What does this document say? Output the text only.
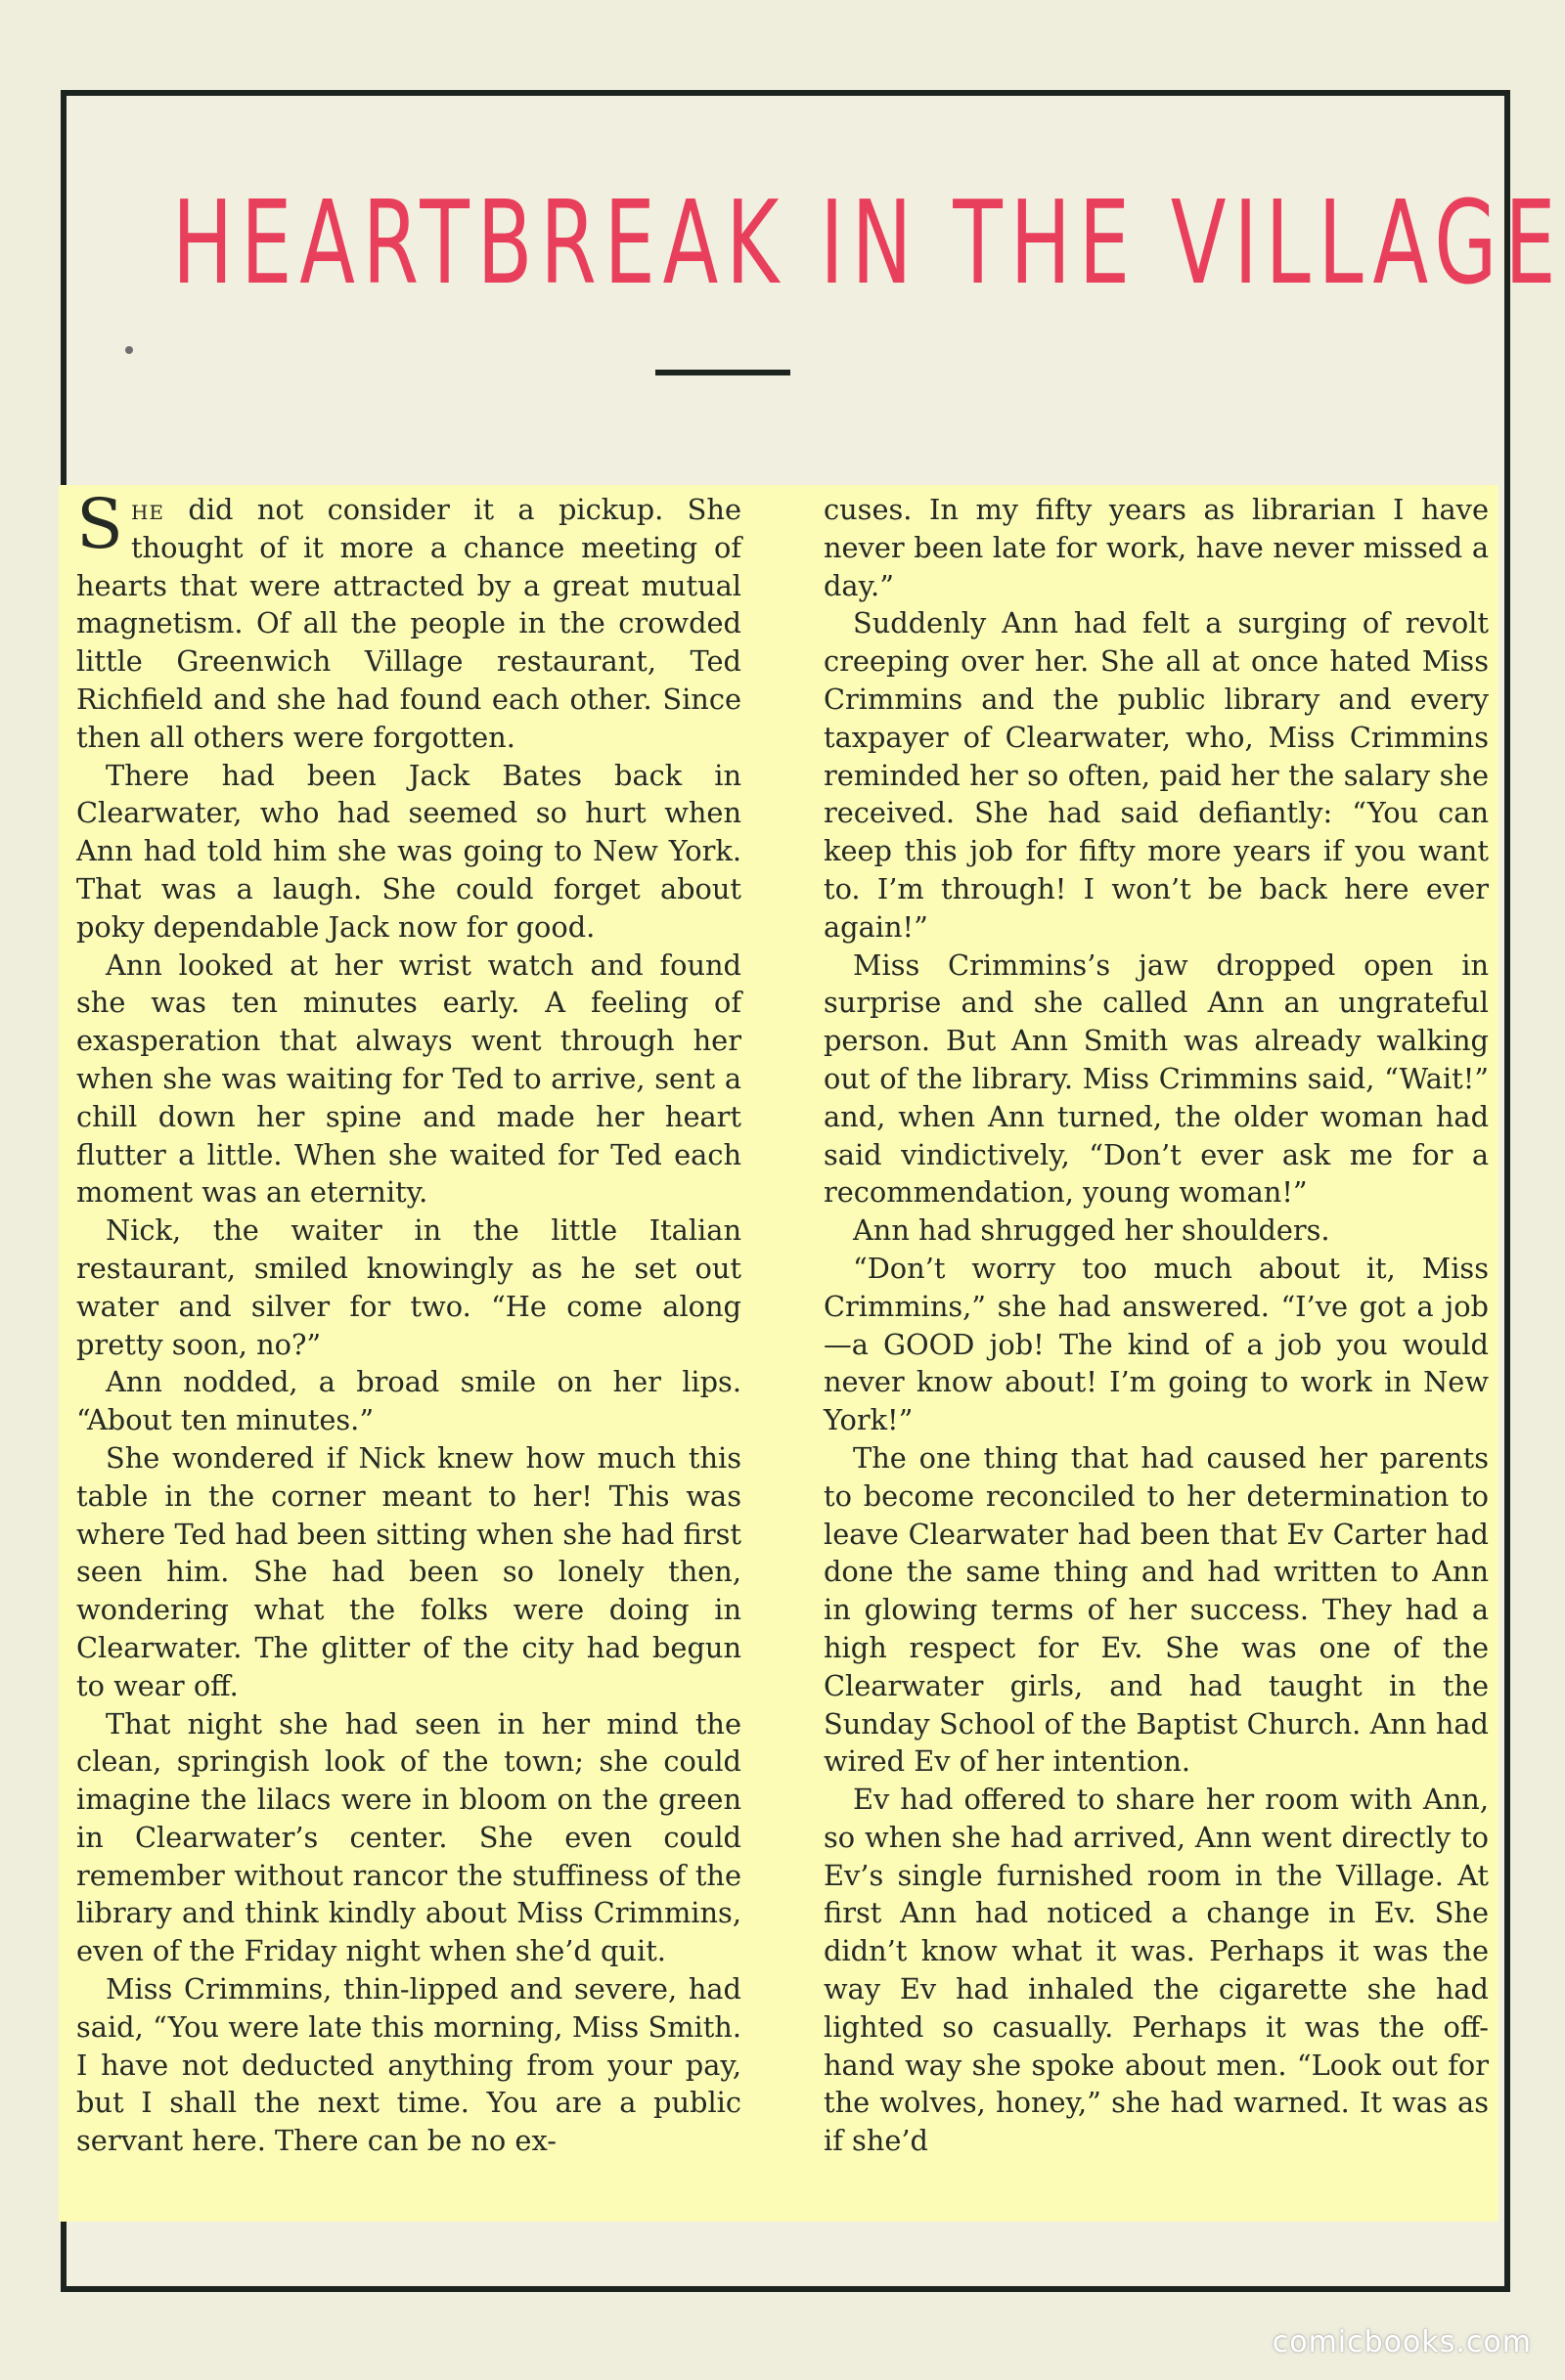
HEARTBREAK IN THE VILLAGE

She did not consider it a pickup. She thought of it more a chance meeting of hearts that were attracted by a great mutual magnetism. Of all the people in the crowded little Greenwich Village restaurant, Ted Richfield and she had found each other. Since then all others were forgotten.

There had been Jack Bates back in Clearwater, who had seemed so hurt when Ann had told him she was going to New York. That was a laugh. She could forget about poky dependable Jack now for good.

Ann looked at her wrist watch and found she was ten minutes early. A feeling of exasperation that always went through her when she was waiting for Ted to arrive, sent a chill down her spine and made her heart flutter a little. When she waited for Ted each moment was an eternity.

Nick, the waiter in the little Italian restaurant, smiled knowingly as he set out water and silver for two. “He come along pretty soon, no?”

Ann nodded, a broad smile on her lips. “About ten minutes.”

She wondered if Nick knew how much this table in the corner meant to her! This was where Ted had been sitting when she had first seen him. She had been so lonely then, wondering what the folks were doing in Clearwater. The glitter of the city had begun to wear off.

That night she had seen in her mind the clean, springish look of the town; she could imagine the lilacs were in bloom on the green in Clearwater’s center. She even could remember without rancor the stuffiness of the library and think kindly about Miss Crimmins, even of the Friday night when she’d quit.

Miss Crimmins, thin-lipped and severe, had said, “You were late this morning, Miss Smith. I have not deducted anything from your pay, but I shall the next time. You are a public servant here. There can be no ex-

cuses. In my fifty years as librarian I have never been late for work, have never missed a day.”

Suddenly Ann had felt a surging of revolt creeping over her. She all at once hated Miss Crimmins and the public library and every taxpayer of Clearwater, who, Miss Crimmins reminded her so often, paid her the salary she received. She had said defiantly: “You can keep this job for fifty more years if you want to. I’m through! I won’t be back here ever again!”

Miss Crimmins’s jaw dropped open in surprise and she called Ann an ungrateful person. But Ann Smith was already walking out of the library. Miss Crimmins said, “Wait!” and, when Ann turned, the older woman had said vindictively, “Don’t ever ask me for a recommendation, young woman!”

Ann had shrugged her shoulders.

“Don’t worry too much about it, Miss Crimmins,” she had answered. “I’ve got a job—a GOOD job! The kind of a job you would never know about! I’m going to work in New York!”

The one thing that had caused her parents to become reconciled to her determination to leave Clearwater had been that Ev Carter had done the same thing and had written to Ann in glowing terms of her success. They had a high respect for Ev. She was one of the Clearwater girls, and had taught in the Sunday School of the Baptist Church. Ann had wired Ev of her intention.

Ev had offered to share her room with Ann, so when she had arrived, Ann went directly to Ev’s single furnished room in the Village. At first Ann had noticed a change in Ev. She didn’t know what it was. Perhaps it was the way Ev had inhaled the cigarette she had lighted so casually. Perhaps it was the off-hand way she spoke about men. “Look out for the wolves, honey,” she had warned. It was as if she’d

comicbooks.com
